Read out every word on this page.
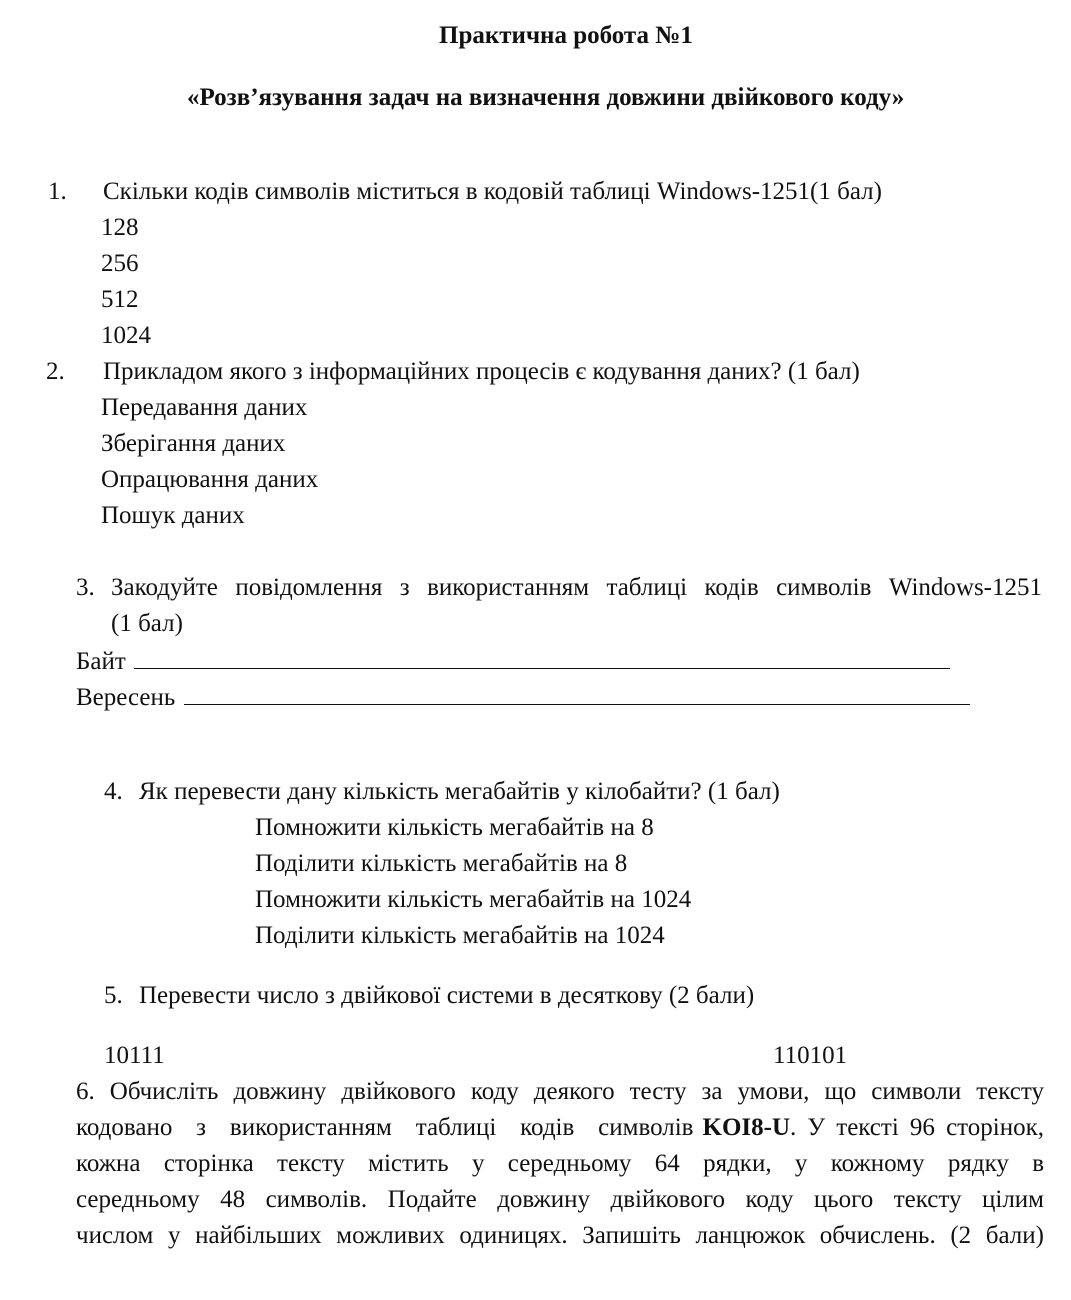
Практична робота №1
«Розв’язування задач на визначення довжини двійкового коду»
1. Скільки кодів символів міститься в кодовій таблиці Windows-1251(1 бал)
128
256
512
1024
2. Прикладом якого з інформаційних процесів є кодування даних? (1 бал)
Передавання даних
Зберігання даних
Опрацювання даних
Пошук даних
3. Закодуйте повідомлення з використанням таблиці кодів символів Windows-1251
(1 бал)
Байт
Вересень
4. Як перевести дану кількість мегабайтів у кілобайти? (1 бал)
Помножити кількість мегабайтів на 8
Поділити кількість мегабайтів на 8
Помножити кількість мегабайтів на 1024
Поділити кількість мегабайтів на 1024
5. Перевести число з двійкової системи в десяткову (2 бали)
10111	110101
6. Обчисліть довжину двійкового коду деякого тесту за умови, що символи тексту
кодовано з використанням таблиці кодів символів KOI8-U . У тексті 96 сторінок,
кожна сторінка тексту містить у середньому 64 рядки, у кожному рядку в
середньому 48 символів. Подайте довжину двійкового коду цього тексту цілим
числом у найбільших можливих одиницях. Запишіть ланцюжок обчислень. (2 бали)
